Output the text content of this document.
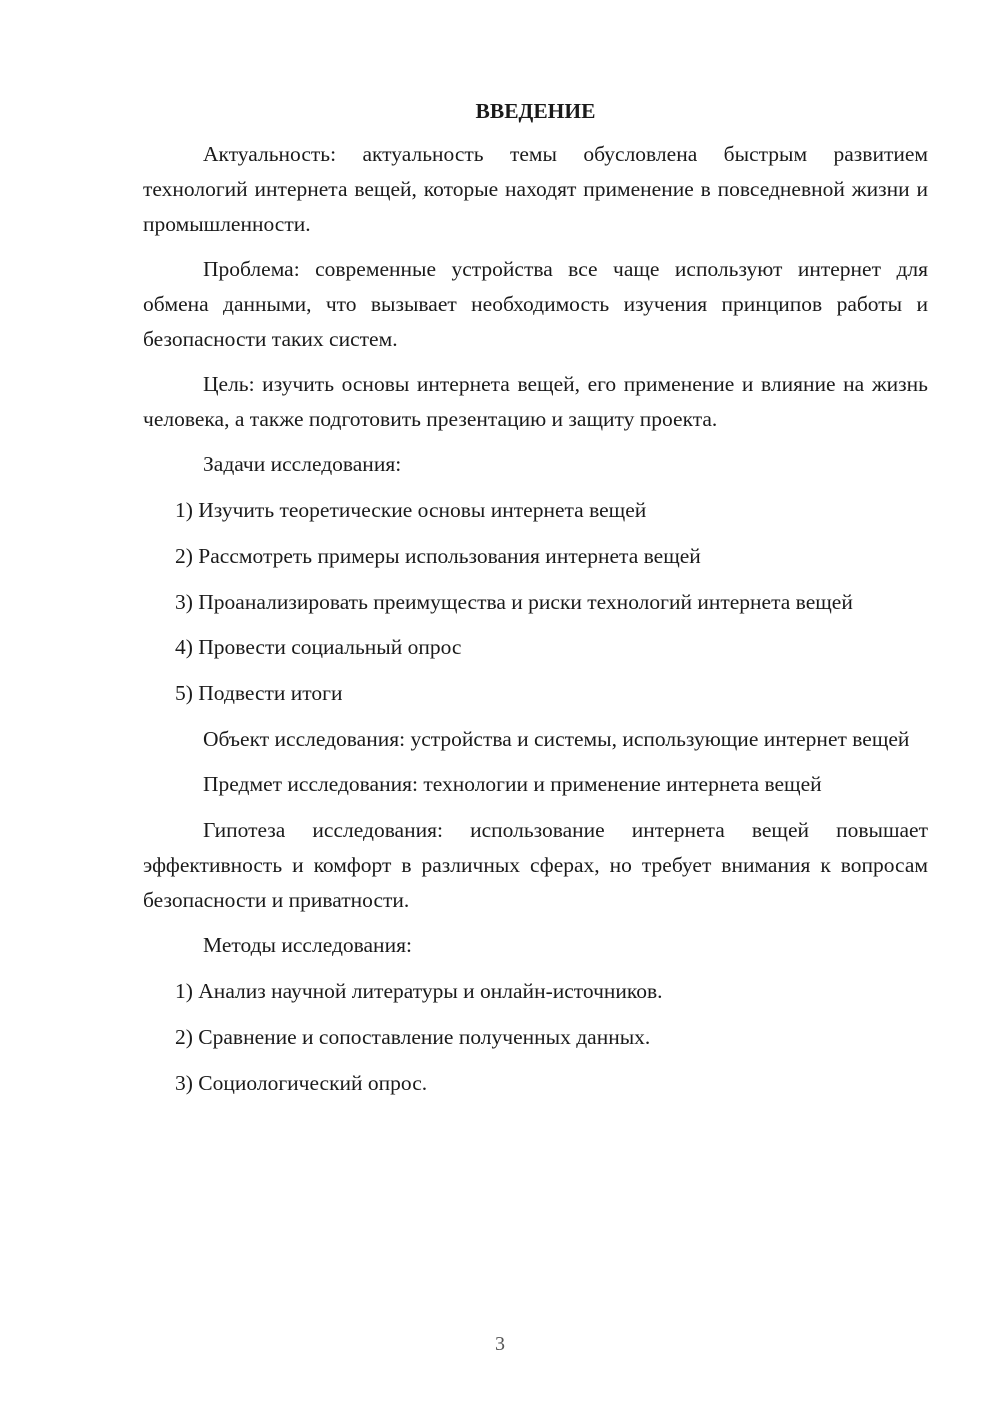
ВВЕДЕНИЕ
Актуальность: актуальность темы обусловлена быстрым развитием технологий интернета вещей, которые находят применение в повседневной жизни и промышленности.
Проблема: современные устройства все чаще используют интернет для обмена данными, что вызывает необходимость изучения принципов работы и безопасности таких систем.
Цель: изучить основы интернета вещей, его применение и влияние на жизнь человека, а также подготовить презентацию и защиту проекта.
Задачи исследования:
1) Изучить теоретические основы интернета вещей
2) Рассмотреть примеры использования интернета вещей
3) Проанализировать преимущества и риски технологий интернета вещей
4) Провести социальный опрос
5) Подвести итоги
Объект исследования: устройства и системы, использующие интернет вещей
Предмет исследования: технологии и применение интернета вещей
Гипотеза исследования: использование интернета вещей повышает эффективность и комфорт в различных сферах, но требует внимания к вопросам безопасности и приватности.
Методы исследования:
1) Анализ научной литературы и онлайн-источников.
2) Сравнение и сопоставление полученных данных.
3) Социологический опрос.
3
